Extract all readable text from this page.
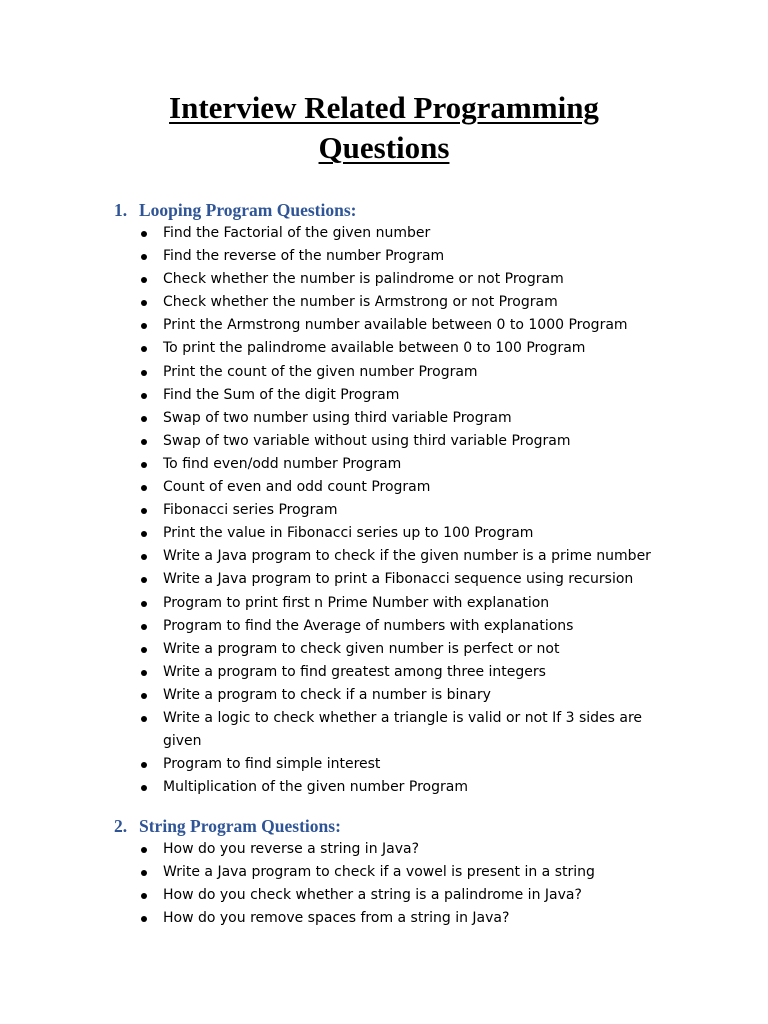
Interview Related Programming
Questions
1. Looping Program Questions:
Find the Factorial of the given number
Find the reverse of the number Program
Check whether the number is palindrome or not Program
Check whether the number is Armstrong or not Program
Print the Armstrong number available between 0 to 1000 Program
To print the palindrome available between 0 to 100 Program
Print the count of the given number Program
Find the Sum of the digit Program
Swap of two number using third variable Program
Swap of two variable without using third variable Program
To find even/odd number Program
Count of even and odd count Program
Fibonacci series Program
Print the value in Fibonacci series up to 100 Program
Write a Java program to check if the given number is a prime number
Write a Java program to print a Fibonacci sequence using recursion
Program to print first n Prime Number with explanation
Program to find the Average of numbers with explanations
Write a program to check given number is perfect or not
Write a program to find greatest among three integers
Write a program to check if a number is binary
Write a logic to check whether a triangle is valid or not If 3 sides are given
Program to find simple interest
Multiplication of the given number Program
2. String Program Questions:
How do you reverse a string in Java?
Write a Java program to check if a vowel is present in a string
How do you check whether a string is a palindrome in Java?
How do you remove spaces from a string in Java?
